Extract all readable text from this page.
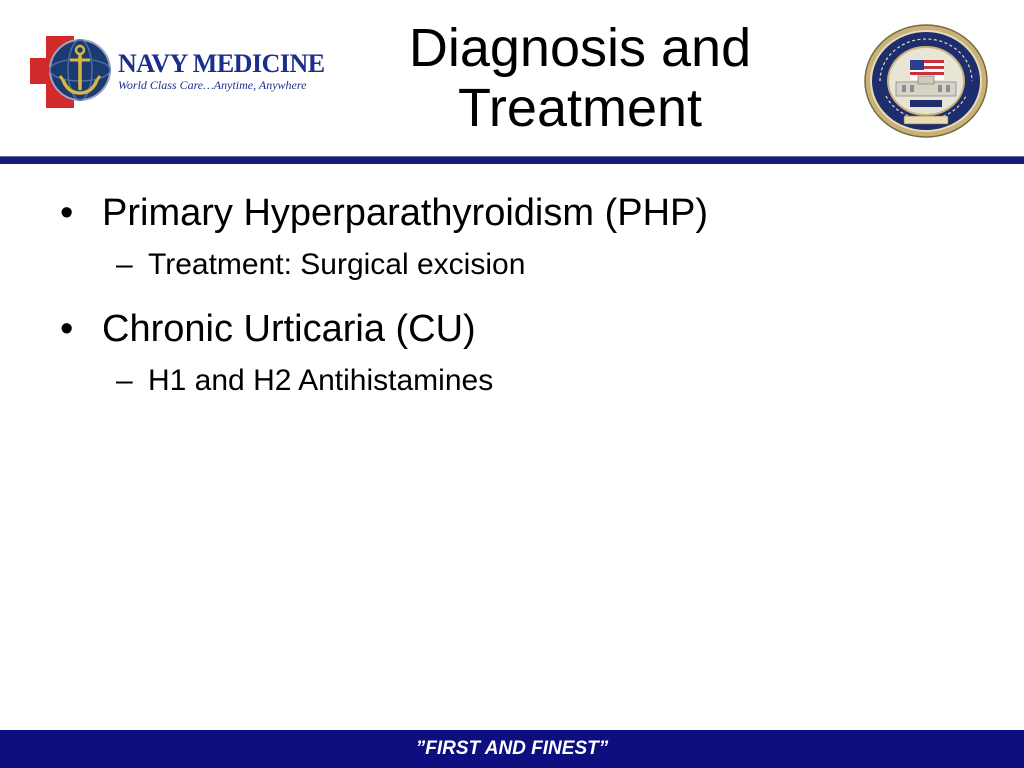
NAVY MEDICINE
World Class Care…Anytime, Anywhere
Diagnosis and
Treatment
• Primary Hyperparathyroidism (PHP)
– Treatment: Surgical excision
• Chronic Urticaria (CU)
– H1 and H2 Antihistamines
”FIRST AND FINEST”
